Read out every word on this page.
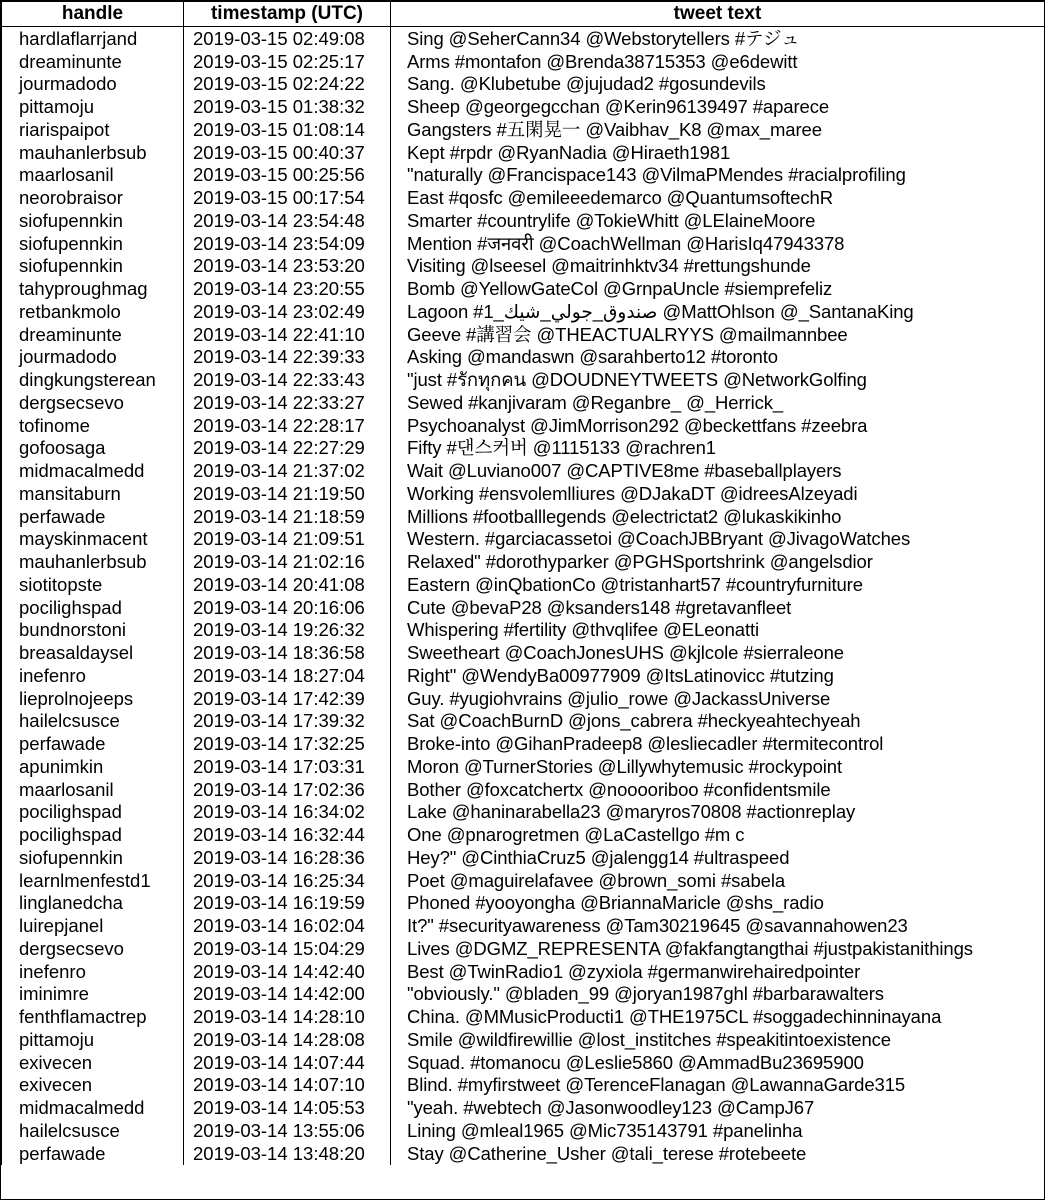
handle	timestamp (UTC)	tweet text
hardlaflarrjand	2019-03-15 02:49:08	Sing @SeherCann34 @Webstorytellers #テジュ
dreaminunte	2019-03-15 02:25:17	Arms #montafon @Brenda38715353 @e6dewitt
jourmadodo	2019-03-15 02:24:22	Sang. @Klubetube @jujudad2 #gosundevils
pittamoju	2019-03-15 01:38:32	Sheep @georgegcchan @Kerin96139497 #aparece
riarispaipot	2019-03-15 01:08:14	Gangsters #五閑晃一 @Vaibhav_K8 @max_maree
mauhanlerbsub	2019-03-15 00:40:37	Kept #rpdr @RyanNadia @Hiraeth1981
maarlosanil	2019-03-15 00:25:56	"naturally @Francispace143 @VilmaPMendes #racialprofiling
neorobraisor	2019-03-15 00:17:54	East #qosfc @emileeedemarco @QuantumsoftechR
siofupennkin	2019-03-14 23:54:48	Smarter #countrylife @TokieWhitt @LElaineMoore
siofupennkin	2019-03-14 23:54:09	Mention #जनवरी @CoachWellman @HarisIq47943378
siofupennkin	2019-03-14 23:53:20	Visiting @lseesel @maitrinhktv34 #rettungshunde
tahyproughmag	2019-03-14 23:20:55	Bomb @YellowGateCol @GrnpaUncle #siemprefeliz
retbankmolo	2019-03-14 23:02:49	Lagoon #1_صندوق_جولي_شيك @MattOhlson @_SantanaKing
dreaminunte	2019-03-14 22:41:10	Geeve #講習会 @THEACTUALRYYS @mailmannbee
jourmadodo	2019-03-14 22:39:33	Asking @mandaswn @sarahberto12 #toronto
dingkungsterean	2019-03-14 22:33:43	"just #รักทุกคน @DOUDNEYTWEETS @NetworkGolfing
dergsecsevo	2019-03-14 22:33:27	Sewed #kanjivaram @Reganbre_ @_Herrick_
tofinome	2019-03-14 22:28:17	Psychoanalyst @JimMorrison292 @beckettfans #zeebra
gofoosaga	2019-03-14 22:27:29	Fifty #댄스커버 @1115133 @rachren1
midmacalmedd	2019-03-14 21:37:02	Wait @Luviano007 @CAPTIVE8me #baseballplayers
mansitaburn	2019-03-14 21:19:50	Working #ensvolemlliures @DJakaDT @idreesAlzeyadi
perfawade	2019-03-14 21:18:59	Millions #footballlegends @electrictat2 @lukaskikinho
mayskinmacent	2019-03-14 21:09:51	Western. #garciacassetoi @CoachJBBryant @JivagoWatches
mauhanlerbsub	2019-03-14 21:02:16	Relaxed" #dorothyparker @PGHSportshrink @angelsdior
siotitopste	2019-03-14 20:41:08	Eastern @inQbationCo @tristanhart57 #countryfurniture
pocilighspad	2019-03-14 20:16:06	Cute @bevaP28 @ksanders148 #gretavanfleet
bundnorstoni	2019-03-14 19:26:32	Whispering #fertility @thvqlifee @ELeonatti
breasaldaysel	2019-03-14 18:36:58	Sweetheart @CoachJonesUHS @kjlcole #sierraleone
inefenro	2019-03-14 18:27:04	Right" @WendyBa00977909 @ItsLatinovicc #tutzing
lieprolnojeeps	2019-03-14 17:42:39	Guy. #yugiohvrains @julio_rowe @JackassUniverse
hailelcsusce	2019-03-14 17:39:32	Sat @CoachBurnD @jons_cabrera #heckyeahtechyeah
perfawade	2019-03-14 17:32:25	Broke-into @GihanPradeep8 @lesliecadler #termitecontrol
apunimkin	2019-03-14 17:03:31	Moron @TurnerStories @Lillywhytemusic #rockypoint
maarlosanil	2019-03-14 17:02:36	Bother @foxcatchertx @nooooriboo #confidentsmile
pocilighspad	2019-03-14 16:34:02	Lake @haninarabella23 @maryros70808 #actionreplay
pocilighspad	2019-03-14 16:32:44	One @pnarogretmen @LaCastellgo #m c
siofupennkin	2019-03-14 16:28:36	Hey?" @CinthiaCruz5 @jalengg14 #ultraspeed
learnlmenfestd1	2019-03-14 16:25:34	Poet @maguirelafavee @brown_somi #sabela
linglanedcha	2019-03-14 16:19:59	Phoned #yooyongha @BriannaMaricle @shs_radio
luirepjanel	2019-03-14 16:02:04	It?" #securityawareness @Tam30219645 @savannahowen23
dergsecsevo	2019-03-14 15:04:29	Lives @DGMZ_REPRESENTA @fakfangtangthai #justpakistanithings
inefenro	2019-03-14 14:42:40	Best @TwinRadio1 @zyxiola #germanwirehairedpointer
iminimre	2019-03-14 14:42:00	"obviously." @bladen_99 @joryan1987ghl #barbarawalters
fenthflamactrep	2019-03-14 14:28:10	China. @MMusicProducti1 @THE1975CL #soggadechinninayana
pittamoju	2019-03-14 14:28:08	Smile @wildfirewillie @lost_institches #speakitintoexistence
exivecen	2019-03-14 14:07:44	Squad. #tomanocu @Leslie5860 @AmmadBu23695900
exivecen	2019-03-14 14:07:10	Blind. #myfirstweet @TerenceFlanagan @LawannaGarde315
midmacalmedd	2019-03-14 14:05:53	"yeah. #webtech @Jasonwoodley123 @CampJ67
hailelcsusce	2019-03-14 13:55:06	Lining @mleal1965 @Mic735143791 #panelinha
perfawade	2019-03-14 13:48:20	Stay @Catherine_Usher @tali_terese #rotebeete
